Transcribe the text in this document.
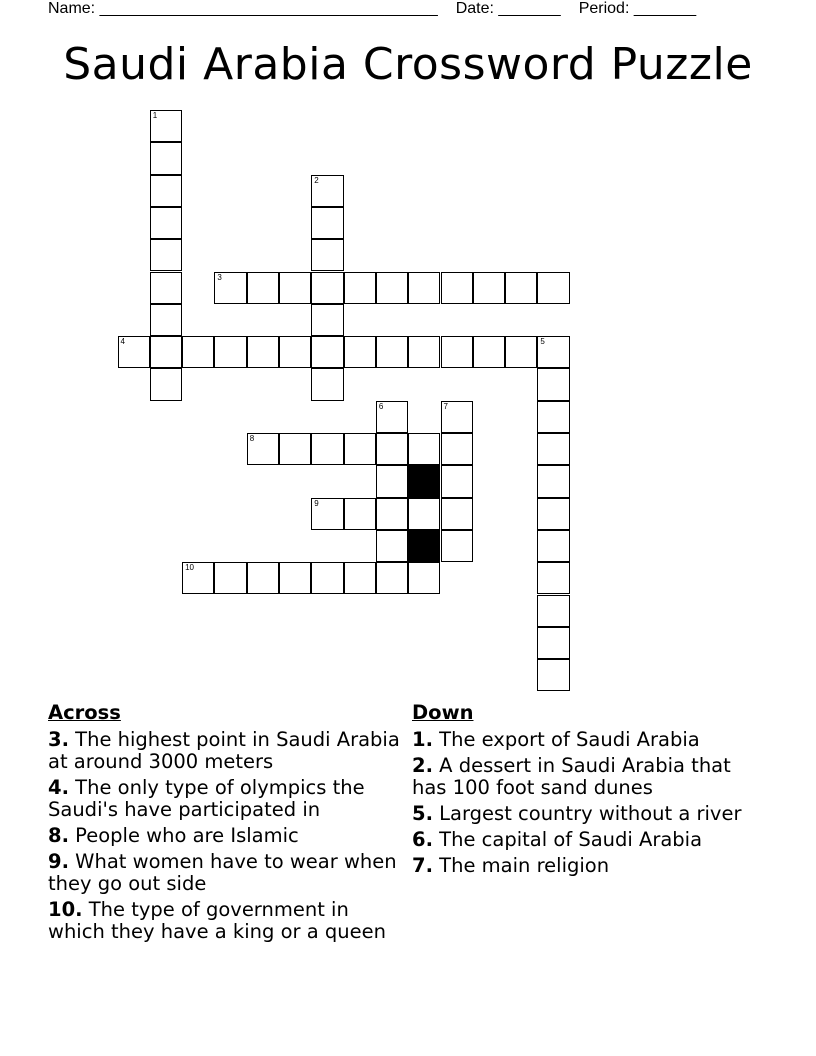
Name: ______________________________________ Date: _______ Period: _______
Saudi Arabia Crossword Puzzle
1
2
3
4	5
6	7
8
9
10
Across
3. The highest point in Saudi Arabia at around 3000 meters
4. The only type of olympics the Saudi's have participated in
8. People who are Islamic
9. What women have to wear when they go out side
10. The type of government in which they have a king or a queen
Down
1. The export of Saudi Arabia
2. A dessert in Saudi Arabia that has 100 foot sand dunes
5. Largest country without a river
6. The capital of Saudi Arabia
7. The main religion
